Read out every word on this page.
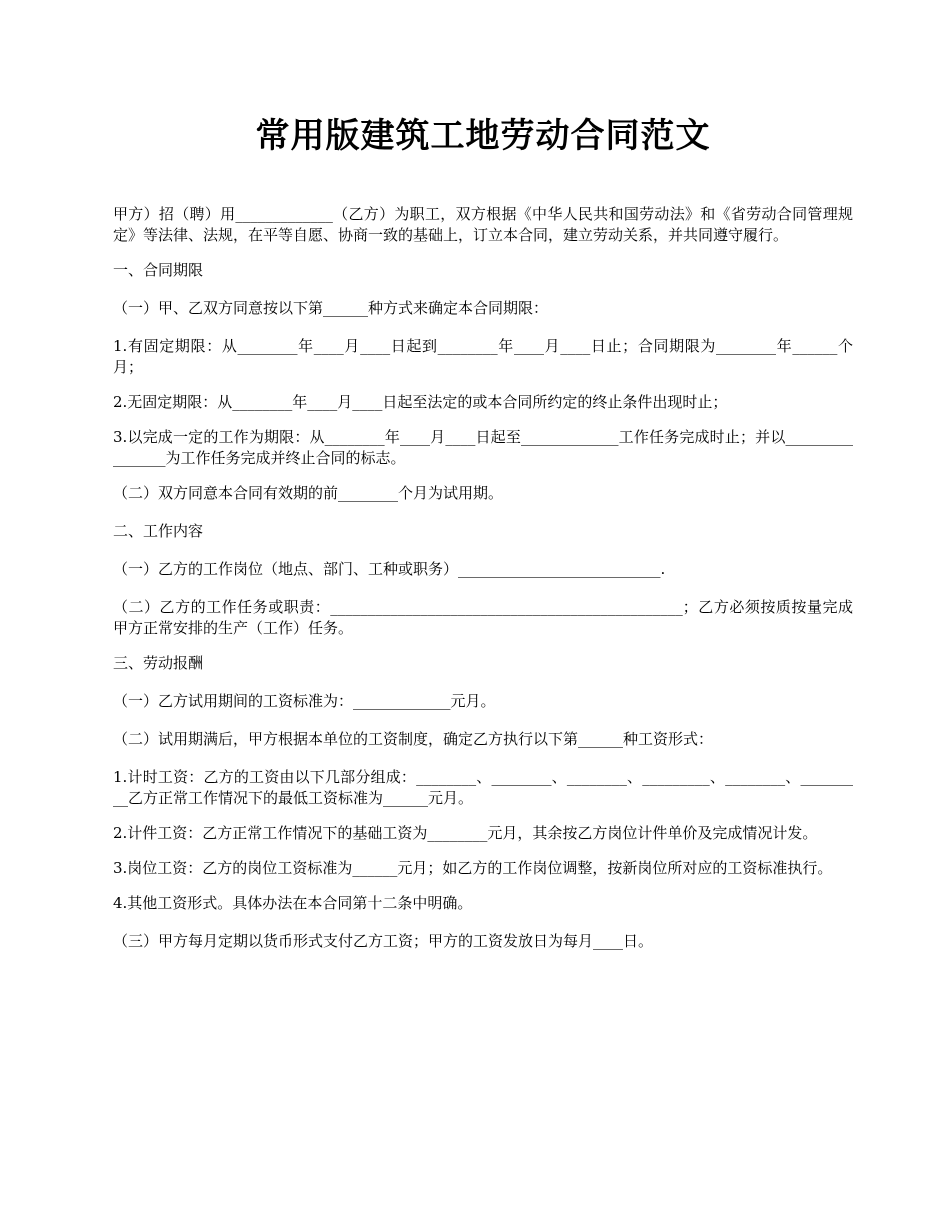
常用版建筑工地劳动合同范文

甲方）招（聘）用_____________（乙方）为职工，双方根据《中华人民共和国劳动法》和《省劳动合同管理规定》等法律、法规，在平等自愿、协商一致的基础上，订立本合同，建立劳动关系，并共同遵守履行。

一、合同期限

（一）甲、乙双方同意按以下第______种方式来确定本合同期限：

1.有固定期限：从________年____月____日起到________年____月____日止；合同期限为________年______个月；

2.无固定期限：从________年____月____日起至法定的或本合同所约定的终止条件出现时止；

3.以完成一定的工作为期限：从________年____月____日起至_____________工作任务完成时止；并以________________为工作任务完成并终止合同的标志。

（二）双方同意本合同有效期的前________个月为试用期。

二、工作内容

（一）乙方的工作岗位（地点、部门、工种或职务）___________________________.

（二）乙方的工作任务或职责：_______________________________________________；乙方必须按质按量完成甲方正常安排的生产（工作）任务。

三、劳动报酬

（一）乙方试用期间的工资标准为：_____________元月。

（二）试用期满后，甲方根据本单位的工资制度，确定乙方执行以下第______种工资形式：

1.计时工资：乙方的工资由以下几部分组成：________、________、________、_________、________、_________乙方正常工作情况下的最低工资标准为______元月。

2.计件工资：乙方正常工作情况下的基础工资为________元月，其余按乙方岗位计件单价及完成情况计发。

3.岗位工资：乙方的岗位工资标准为______元月；如乙方的工作岗位调整，按新岗位所对应的工资标准执行。

4.其他工资形式。具体办法在本合同第十二条中明确。

（三）甲方每月定期以货币形式支付乙方工资；甲方的工资发放日为每月____日。
